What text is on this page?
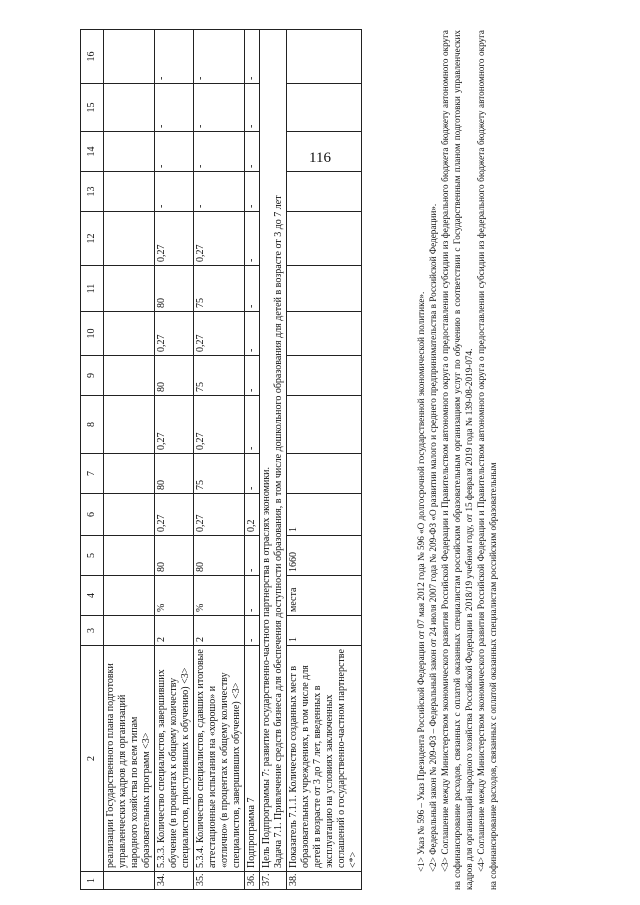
116
1	2	3	4	5	6	7	8	9	10	11	12	13	14	15	16
	реализации Государственного плана подготовки управленческих кадров для организаций народного хозяйства по всем типам образовательных программ <3>														
34.	5.3.3. Количество специалистов, завершивших обучение (в процентах к общему количеству специалистов, приступивших к обучению) <3>	2	%	80	0,27	80	0,27	80	0,27	80	0,27	-	-	-	-
35.	5.3.4. Количество специалистов, сдавших итоговые аттестационные испытания на «хорошо» и «отлично» (в процентах к общему количеству специалистов, завершивших обучение) <3>	2	%	80	0,27	75	0,27	75	0,27	75	0,27	-	-	-	-
36.	Подпрограмма 7	-	-	-	0,2	-	-	-	-	-	-	-	-	-	-
37.	Цель Подпрограммы 7: развитие государственно-частного партнерства в отраслях экономики. Задача 7.1. Привлечение средств бизнеса для обеспечения доступности образования, в том числе дошкольного образования для детей в возрасте от 3 до 7 лет														

38.	Показатель 7.1.1. Количество созданных мест в образовательных учреждениях, в том числе для детей в возрасте от 3 до 7 лет, введенных в эксплуатацию на условиях заключенных соглашений о государственно-частном партнерстве <*>	1	места	1660	1											<1> Указ № 596 – Указ Президента Российской Федерации от 07 мая 2012 года № 596 «О долгосрочной государственной экономической политике». <2> Федеральный закон № 209-ФЗ – Федеральный закон от 24 июля 2007 года № 209-ФЗ «О развитии малого и среднего предпринимательства в Российской Федерации». <3> Соглашение между Министерством экономического развития Российской Федерации и Правительством автономного округа о предоставлении субсидии из федерального бюджета бюджету автономного округа на софинансирование расходов, связанных с оплатой оказанных специалистам российским образовательным организациям услуг по обучению в соответствии с Государственным планом подготовки управленческих кадров для организаций народного хозяйства Российской Федерации в 2018/19 учебном году, от 15 февраля 2019 года № 139-08-2019-074. <4> Соглашение между Министерством экономического развития Российской Федерации и Правительством автономного округа о предоставлении субсидии из федерального бюджета бюджету автономного округа на софинансирование расходов, связанных с оплатой оказанных специалистам российским образовательным
